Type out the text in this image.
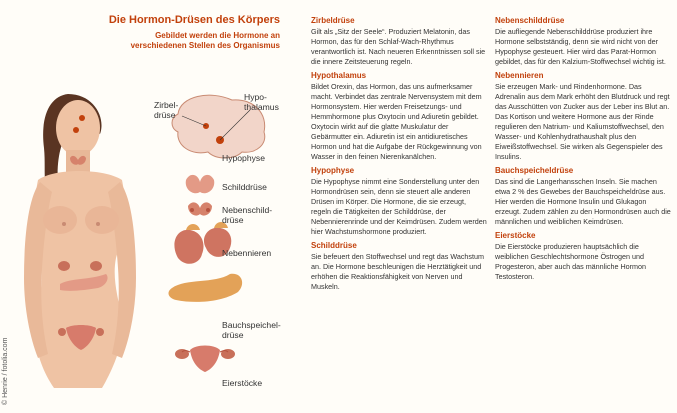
© Henrie / fotolia.com
Die Hormon-Drüsen des Körpers
Gebildet werden die Hormone an verschiedenen Stellen des Organismus
Zirbel-
drüse
Hypo-
thalamus
Hypophyse
Schilddrüse
Nebenschild-
drüse
Nebennieren
Bauchspeichel-
drüse
Eierstöcke
Zirbeldrüse

Gilt als „Sitz der Seele“. Produziert Melatonin, das Hormon, das für den Schlaf-Wach-Rhythmus verantwortlich ist. Nach neueren Erkenntnissen soll sie die innere Zeitsteuerung regeln.

Hypothalamus

Bildet Orexin, das Hormon, das uns aufmerksamer macht. Verbindet das zentrale Nervensystem mit dem Hormonsystem. Hier werden Freisetzungs- und Hemmhormone plus Oxytocin und Adiuretin gebildet. Oxytocin wirkt auf die glatte Muskulatur der Gebärmutter ein. Adiuretin ist ein antidiuretisches Hormon und hat die Aufgabe der Rückgewinnung von Wasser in den feinen Nierenkanälchen.

Hypophyse

Die Hypophyse nimmt eine Sonderstellung unter den Hormondrüsen sein, denn sie steuert alle anderen Drüsen im Körper. Die Hormone, die sie erzeugt, regeln die Tätigkeiten der Schilddrüse, der Nebennierenrinde und der Keimdrüsen. Zudem werden hier Wachstumshormone produziert.

Schilddrüse

Sie befeuert den Stoffwechsel und regt das Wachstum an. Die Hormone beschleunigen die Herztätigkeit und erhöhen die Reaktionsfähigkeit von Nerven und Muskeln.

Nebenschilddrüse

Die aufliegende Nebenschilddrüse produziert ihre Hormone selbstständig, denn sie wird nicht von der Hypophyse gesteuert. Hier wird das Parat-Hormon gebildet, das für den Kalzium-Stoffwechsel wichtig ist.

Nebennieren

Sie erzeugen Mark- und Rindenhormone. Das Adrenalin aus dem Mark erhöht den Blutdruck und regt das Ausschütten von Zucker aus der Leber ins Blut an. Das Kortison und weitere Hormone aus der Rinde regulieren den Natrium- und Kaliumstoffwechsel, den Wasser- und Kohlenhydrathaushalt plus den Eiweißstoffwechsel. Sie wirken als Gegenspieler des Insulins.

Bauchspeicheldrüse

Das sind die Langerhansschen Inseln. Sie machen etwa 2 % des Gewebes der Bauchspeicheldrüse aus. Hier werden die Hormone Insulin und Glukagon erzeugt. Zudem zählen zu den Hormondrüsen auch die männlichen und weiblichen Keimdrüsen.

Eierstöcke

Die Eierstöcke produzieren hauptsächlich die weiblichen Geschlechtshormone Östrogen und Progesteron, aber auch das männliche Hormon Testosteron.
